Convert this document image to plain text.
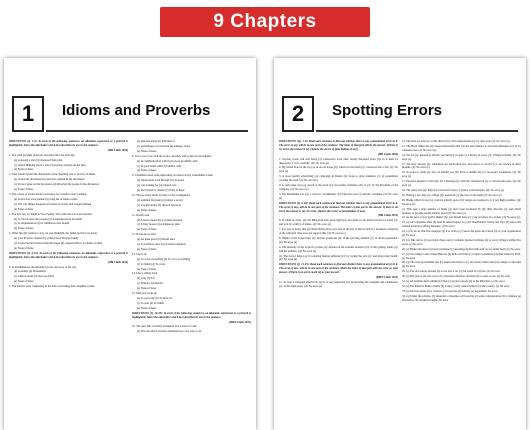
9 Chapters
1	Idioms and Proverbs

DIRECTIONS (Q. 1-5): In each of the following sentences, an idiomatic expression or a proverb is highlighted. Select the alternative which best describes its use in the sentence.

(SBI Clerk 2010)

1. The team put their plan into execution the very next day.

(a) proposed a plan (b) discussed their plan

(c) started thinking about a plan (d) started carrying out the plan

(e) None of these

2. Uma Tandel spread the discussion as the 'alarming rate of poverty in India'.

(a) started the discussion (b) gave her opinion in the discussion

(c) did not agree on the discussion (d) informed the people in the discussion

(e) None of these

3. The course of events made it necessary for Joseph to start working.

(a) events that were planned (b) long list of future events

(c) The way things happened (d) series of events that Joseph planned

(e) None of these

4. The new law on 'Right to Food Safety' will come into force next month.

(a) be forced upon the people (b) be announced but not made

(c) be implemented (d) be withdrawn next month

(e) None of these

5. When the girl wanted to stay out past midnight, her father put his foot down.

(a) gave in to her request (b) walked away disapprovingly

(c) obstructed her from leaving the house (d) requested her to be home on time

(e) None of these

DIRECTIONS (Q. 6-10): In each of the following sentences, an idiomatic expression or a proverb is highlighted. Select the alternative which best describes its use in the sentence.

(SBI Clerk 2011)

6. In all likelihood, the missing boy has run away to the city.

(a) Certainly (b) Presumably

(c) without doubt (d) most probably

(e) None of these

7. The parents were completely in the dark concerning their daughter's plans.

(a) ignorant about (b) informed of

(c) pretending to be unaware (d) unhappy about

(e) None of these

8. Lee is toe to toe with the police, and they will be here in ten minutes.

(a) in communication with (b) in close proximity with

(c) in good terms with (d) familiar with

(e) None of these

9. I stumbled upon some interesting old letters in my Grandfather's desk.

(a) deliberately went through (b) accessed

(c) was looking for (d) tripped over

(e) discovered by chance (f) None of these

10. The secretary made an entry of the arrangement.

(a) terminal discussion (b) made a record

(c) brought notice (d) showed approval

(e) None of these

11. Doesn't suit

(a) A hero's house (b) A violent situation

(c) A busy house (d) A dangerous plan

(e) None of these

12. Never-never land

(a) An ideal place (b) Dream land

(c) A worthless place (d) A useless situation

(e) None of these

13. Cap it all

(a) To cover everything (b) To score everything

(c) To finish (d) To cover

(e) None of these

14. Like a sitting duck

(a) Lazy (b) Fat

(c) Simple (d) Ignorant

(e) None of these

15. Pull your socks up

(a) To get ready (b) To improve

(c) To start (d) To finish

(e) None of these

DIRECTIONS (Q. 16-20): In each of the following sentences, an idiomatic expression or a proverb is highlighted. Select the alternative which best describes its use in the sentence.

(IBPS Clerk 2011)

16. The start that I recently attempted was a piece of cake.

(a) The start that I recently attempted was very easy to do

2	Spotting Errors

DIRECTIONS (Qs. 1-5): Read each sentence to find out whether there is any grammatical error in it. The error, if any will be in one part of the sentence. The letter of that part will be the answer. If there is No error, the answer is (e). (Ignore the errors of punctuation, if any)

(SBI Clerk 2010)

1. Nuclear waste will still being (a)/ radioactive even after twenty thousand years (b)/ so it must be disposed (c)/ very carefully. (d)/ No error (e)

2. My friend lived at the top (a)/ of an old house (b)/ which we had been (c)/ converted into a flat. (d)/ No error (e)

3. A good quality advertising (a)/ campaign in Russia (b)/ hope to draw attention (c)/ of pedestrians crossing the road. (d)/ No error (e)

4. A cash prize was (a)/ award to the stock (b)/ successful candidate who is (c)/ by the President of the company. (d)/ No error (e)

5. The Ratnamma was (a)/ a voter in "stocklisting" (b)/ built the sets (c)/ and the costumes. (d)/ No error (e)

DIRECTIONS (Q. 6-10): Read each sentence to find out whether there is any grammatical error in it. The error, if any, will be in one part of the sentence. The letter of that part is the answer. If there is no error, the answer is (e). No error. (Ignore the errors of punctuation, if any).

(SBI Clerk 2011)

6. In times of crisis, (a)/ the Bhagavad Gita gives light (b)/ and guide to the mind tortured by doubt (c)/ and torn by conflict of duties. (d)/ No error (e)

7. It is one of many fine (a)/ Ram Mohan Roy (a) is one of the (b)/ to match with (c)/ foremost a majority of the educated class does not support this. (d)/ No error (e)

8. Dipika of the Green hope (a)/ and the grandsons (b)/ of the growing demand (c)/ of urban population. (d)/ No error (e)

9. The intensity of the tropical cyclone (a)/ depend on the extreme violence (b)/ of the gusting winds (c)/ and the pollutes. (d)/ No error (e)

10. The doctor helps (a)/ in reducing human suffering (b)/ by curing the sick (c)/ and improving health. (d)/ No error (e)

DIRECTIONS (Q. 11-15): Read each sentence to find out whether there is any grammatical error in it. The error, if any, will be in one part of the sentence. Mark the letter of that part with the error as your answer. If there is no error, mark (e) as your answer.

(IBPS Clerk 2011)

11. To treat a company effectively (a)/ it is very important (b)/ in knowing the strengths and weaknesses (c)/ of the employees. (d)/ No error (e)

12. The land records (a)/ of this district (b)/ will computerised (c)/ by next year. (d)/ No error (e)

13. The Head Office has (a)/ issued instructions that (b)/ the performance of all Zonal Managers (c)/ be by someone else. (d)/ No error (e)

14. We are (a)/ pleased to inform you that (b)/ in spite of a library in every (c)/ villages in India. (d)/ No error (e)

15. We have already (a)/ submitted our application (b)/ and expect to receive (c)/ our licence in three months. (d)/ No error (e)

16. In order to claim (a)/ any tax benefit you (b)/ have to submit the (c)/ necessary documents. (d)/ No error (e)

17. We have planned to hold (a)/ for a meeting (b)/ with the Chairperson (c)/ to discuss the issue. (d)/ No error (e)

18. The plane was (a)/ fully (b)/ reserved for the (c)/ guests at the banquet. (d)/ No error (e)

19. During a two-day (a)/ college (b)/ preferred (c)/ the tour on the night (d)/ No error (e)

20. Banks which do not (a)/ want its priority sector (b)/ targets are required to (c)/ pay high penalties. (d)/ No error (e)

21. This year a large number of funds (a)/ have been promoted by (b)/ their discount (c)/ and which promote to provide useful identity proof (d)/ No error (e)

22. As the price of (a)/ gold is higher (b)/ you should keep (c)/ your jewellery in a locker. (d)/ No error (e)

23. (a) All companies must (b) send its annual report to (c) its shareholders twenty-one days (d) before the Annual General (e) Body Meeting. (f) No error

24. (a) To be an effective manager (b) it is vital to (c) know the goals and vision (d) of your organisation (e) No error

25. (a) This aim is (b) provided cheap and (c) reliable internet facilities (d) to every villager within five years. (e) No error

26. (a) Bank rates have (b) been rearranged (c) keeping (d) that bank staff are (e) under heavy (f) No error

27. (a) According to the Census Bureau, (b) India will have (c) a more population (d) than China by 2025. (e) No error

28. (a) The state government has (b) issued directions to (c) all private clinics that (d) comply to the rules (e) No error

29. (a) The old couple decided (b) to not buy a car (c) but travel by (d) bus. (e) No error

30. (a) The plot to (b) sell a part of (c) business therefore decided (d) to open a loan. (e) No error

31. (a) All students must submit (b) their (c) project reports (d) to the Principal. (e) No error

32. (a) The Reserve Bank of India (b) is the (c) only central bank in (d) the country. (e) No error

33. (a) We have made (b) a contract (c) to see the (d) holiday (e) September. No error

34. (a) Under the scheme, (b) insurance companies will provide (c) some compensation (d) to farmers (e) affected by the original drought. No error
